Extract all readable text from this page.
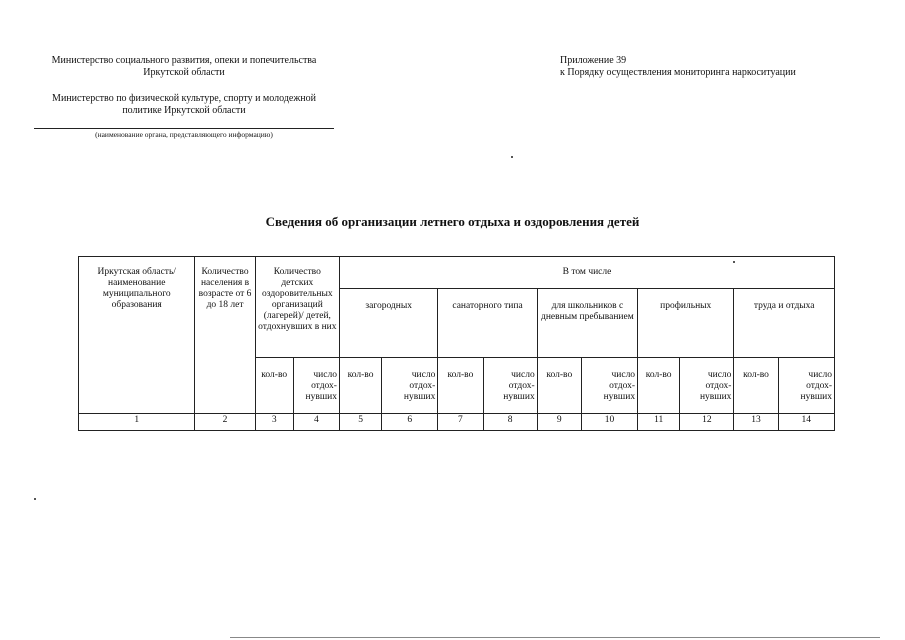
Министерство социального развития, опеки и попечительства Иркутской области
Министерство по физической культуре, спорту и молодежной политике Иркутской области
(наименование органа, представляющего информацию)
Приложение 39
к Порядку осуществления мониторинга наркоситуации
Сведения об организации летнего отдыха и оздоровления детей
Иркутская область/ наименование муниципального образования	Количество населения в возрасте от 6 до 18 лет	Количество детских оздоровительных организаций (лагерей)/ детей, отдохнувших в них		В том числе									
				загородных		санаторного типа		для школьников с дневным пребыванием		профильных		труда и отдыха	
		кол-во	число отдох-нувших	кол-во	число отдох-нувших	кол-во	число отдох-нувших	кол-во	число отдох-нувших	кол-во	число отдох-нувших	кол-во	число отдох-нувших
1	2	3	4	5	6	7	8	9	10	11	12	13	14
